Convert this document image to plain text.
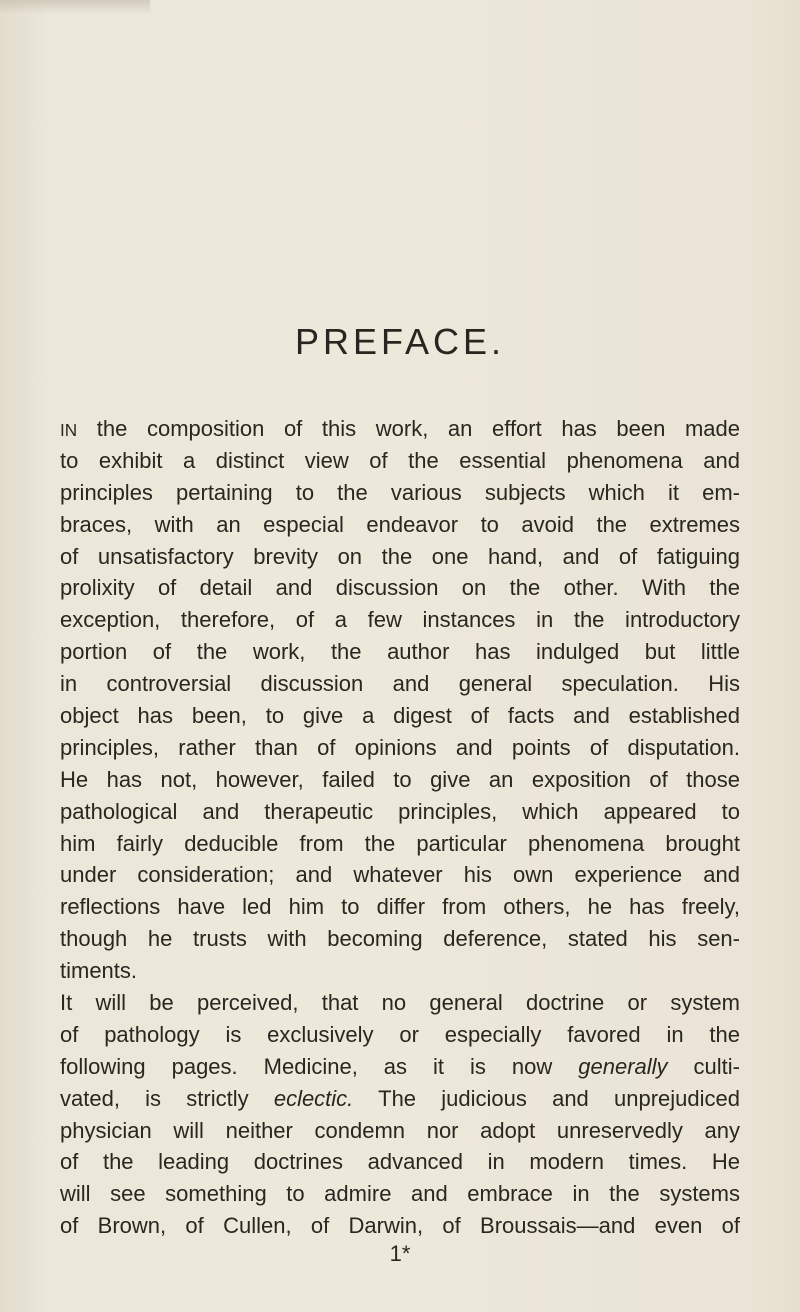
PREFACE.
IN the composition of this work, an effort has been made
to exhibit a distinct view of the essential phenomena and
principles pertaining to the various subjects which it em-
braces, with an especial endeavor to avoid the extremes
of unsatisfactory brevity on the one hand, and of fatiguing
prolixity of detail and discussion on the other. With the
exception, therefore, of a few instances in the introductory
portion of the work, the author has indulged but little
in controversial discussion and general speculation. His
object has been, to give a digest of facts and established
principles, rather than of opinions and points of disputation.
He has not, however, failed to give an exposition of those
pathological and therapeutic principles, which appeared to
him fairly deducible from the particular phenomena brought
under consideration; and whatever his own experience and
reflections have led him to differ from others, he has freely,
though he trusts with becoming deference, stated his sen-
timents.
It will be perceived, that no general doctrine or system
of pathology is exclusively or especially favored in the
following pages. Medicine, as it is now generally culti-
vated, is strictly eclectic. The judicious and unprejudiced
physician will neither condemn nor adopt unreservedly any
of the leading doctrines advanced in modern times. He
will see something to admire and embrace in the systems
of Brown, of Cullen, of Darwin, of Broussais—and even of
1*
